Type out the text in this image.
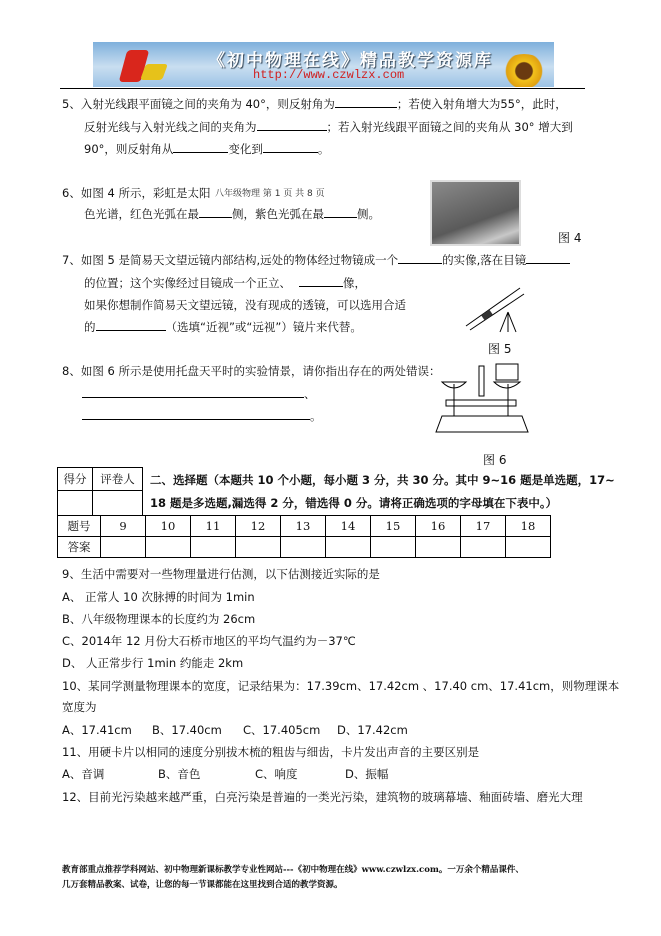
《初中物理在线》精品教学资源库
http://www.czwlzx.com
5、入射光线跟平面镜之间的夹角为 40°，则反射角为	；若使入射角增大为55°，此时，
反射光线与入射光线之间的夹角为	；若入射光线跟平面镜之间的夹角从 30° 增大到
90°，则反射角从	变化到	。
6、如图 4 所示，彩虹是太阳 八年级物理 第 1 页 共 8 页
色光谱，红色光弧在最	侧，紫色光弧在最	侧。
图 4
7、如图 5 是简易天文望远镜内部结构,远处的物体经过物镜成一个	的实像,落在目镜
的位置；这个实像经过目镜成一个正立、	像，
如果你想制作简易天文望远镜，没有现成的透镜，可以选用合适
的	（选填“近视”或“远视”）镜片来代替。
图 5
8、如图 6 所示是使用托盘天平时的实验情景，请你指出存在的两处错误：
、
。
图 6
得分	评卷人
	二、选择题（本题共 10 个小题，每小题 3 分，共 30 分。其中 9~16 题是单选题，17~
18 题是多选题,漏选得 2 分，错选得 0 分。请将正确选项的字母填在下表中。）
题号	9	10	11	12	13	14	15	16	17	18
答案										
9、生活中需要对一些物理量进行估测，以下估测接近实际的是
A、 正常人 10 次脉搏的时间为 1min
B、八年级物理课本的长度约为 26cm
C、2014年 12 月份大石桥市地区的平均气温约为－37℃
D、 人正常步行 1min 约能走 2km
10、某同学测量物理课本的宽度，记录结果为：17.39cm、17.42cm 、17.40 cm、17.41cm，则物理课本
宽度为
A、17.41cm B、17.40cm C、17.405cm D、17.42cm
11、用硬卡片以相同的速度分别拔木梳的粗齿与细齿，卡片发出声音的主要区别是
A、音调	B、音色	C、响度	D、振幅
12、目前光污染越来越严重，白亮污染是普遍的一类光污染，建筑物的玻璃幕墙、釉面砖墙、磨光大理
教育部重点推荐学科网站、初中物理新课标教学专业性网站---《初中物理在线》www.czwlzx.com。一万余个精品课件、
几万套精品教案、试卷，让您的每一节课都能在这里找到合适的教学资源。
